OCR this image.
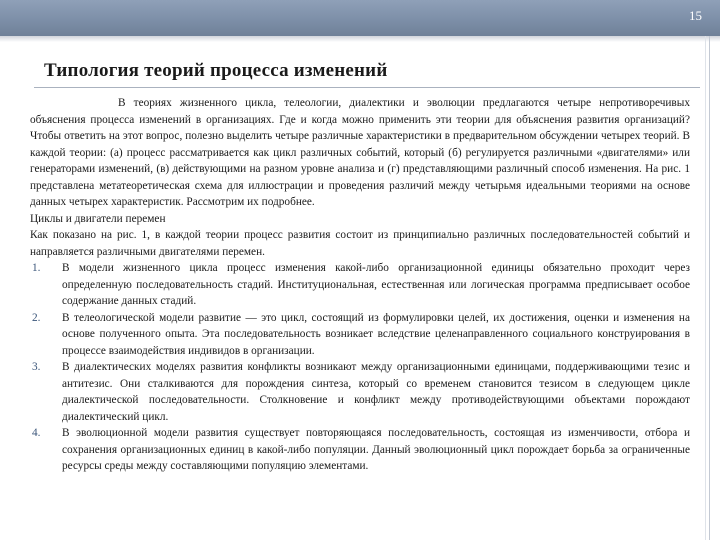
15
Типология теорий процесса изменений

В теориях жизненного цикла, телеологии, диалектики и эволюции предлагаются четыре непротиворечивых объяснения процесса изменений в организациях. Где и когда можно применить эти теории для объяснения развития организаций? Чтобы ответить на этот вопрос, полезно выделить четыре различные характеристики в предварительном обсуждении четырех теорий. В каждой теории: (а) процесс рассматривается как цикл различных событий, который (б) регулируется различными «двигателями» или генераторами изменений, (в) действующими на разном уровне анализа и (г) представляющими различный способ изменения. На рис. 1 представлена метатеоретическая схема для иллюстрации и проведения различий между четырьмя идеальными теориями на основе данных четырех характеристик. Рассмотрим их подробнее.

Циклы и двигатели перемен

Как показано на рис. 1, в каждой теории процесс развития состоит из принципиально различных последовательностей событий и направляется различными двигателями перемен.

1. В модели жизненного цикла процесс изменения какой-либо организационной единицы обязательно проходит через определенную последовательность стадий. Институциональная, естественная или логическая программа предписывает особое содержание данных стадий.
2. В телеологической модели развитие — это цикл, состоящий из формулировки целей, их достижения, оценки и изменения на основе полученного опыта. Эта последовательность возникает вследствие целенаправленного социального конструирования в процессе взаимодействия индивидов в организации.
3. В диалектических моделях развития конфликты возникают между организационными единицами, поддерживающими тезис и антитезис. Они сталкиваются для порождения синтеза, который со временем становится тезисом в следующем цикле диалектической последовательности. Столкновение и конфликт между противодействующими объектами порождают диалектический цикл.
4. В эволюционной модели развития существует повторяющаяся последовательность, состоящая из изменчивости, отбора и сохранения организационных единиц в какой-либо популяции. Данный эволюционный цикл порождает борьба за ограниченные ресурсы среды между составляющими популяцию элементами.
